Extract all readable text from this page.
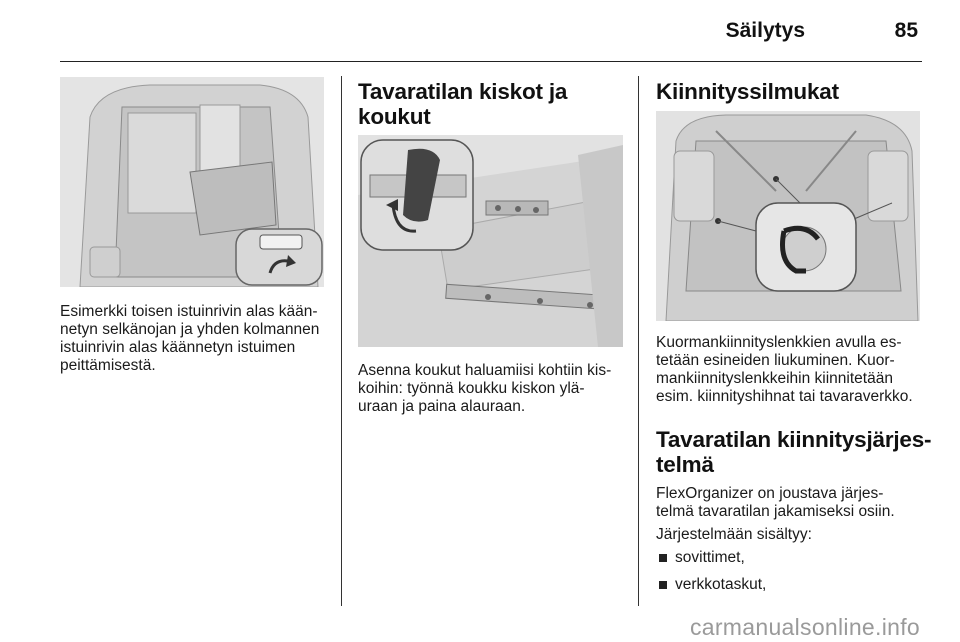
Säilytys	85
Esimerkki toisen istuinrivin alas kään-
netyn selkänojan ja yhden kolmannen
istuinrivin alas käännetyn istuimen
peittämisestä.
Tavaratilan kiskot ja
koukut
Asenna koukut haluamiisi kohtiin kis-
koihin: työnnä koukku kiskon ylä-
uraan ja paina alauraan.
Kiinnityssilmukat
Kuormankiinnityslenkkien avulla es-
tetään esineiden liukuminen. Kuor-
mankiinnityslenkkeihin kiinnitetään
esim. kiinnityshihnat tai tavaraverkko.
Tavaratilan kiinnitysjärjes-
telmä
FlexOrganizer on joustava järjes-
telmä tavaratilan jakamiseksi osiin.
Järjestelmään sisältyy:
sovittimet,
verkkotaskut,
carmanualsonline.info
